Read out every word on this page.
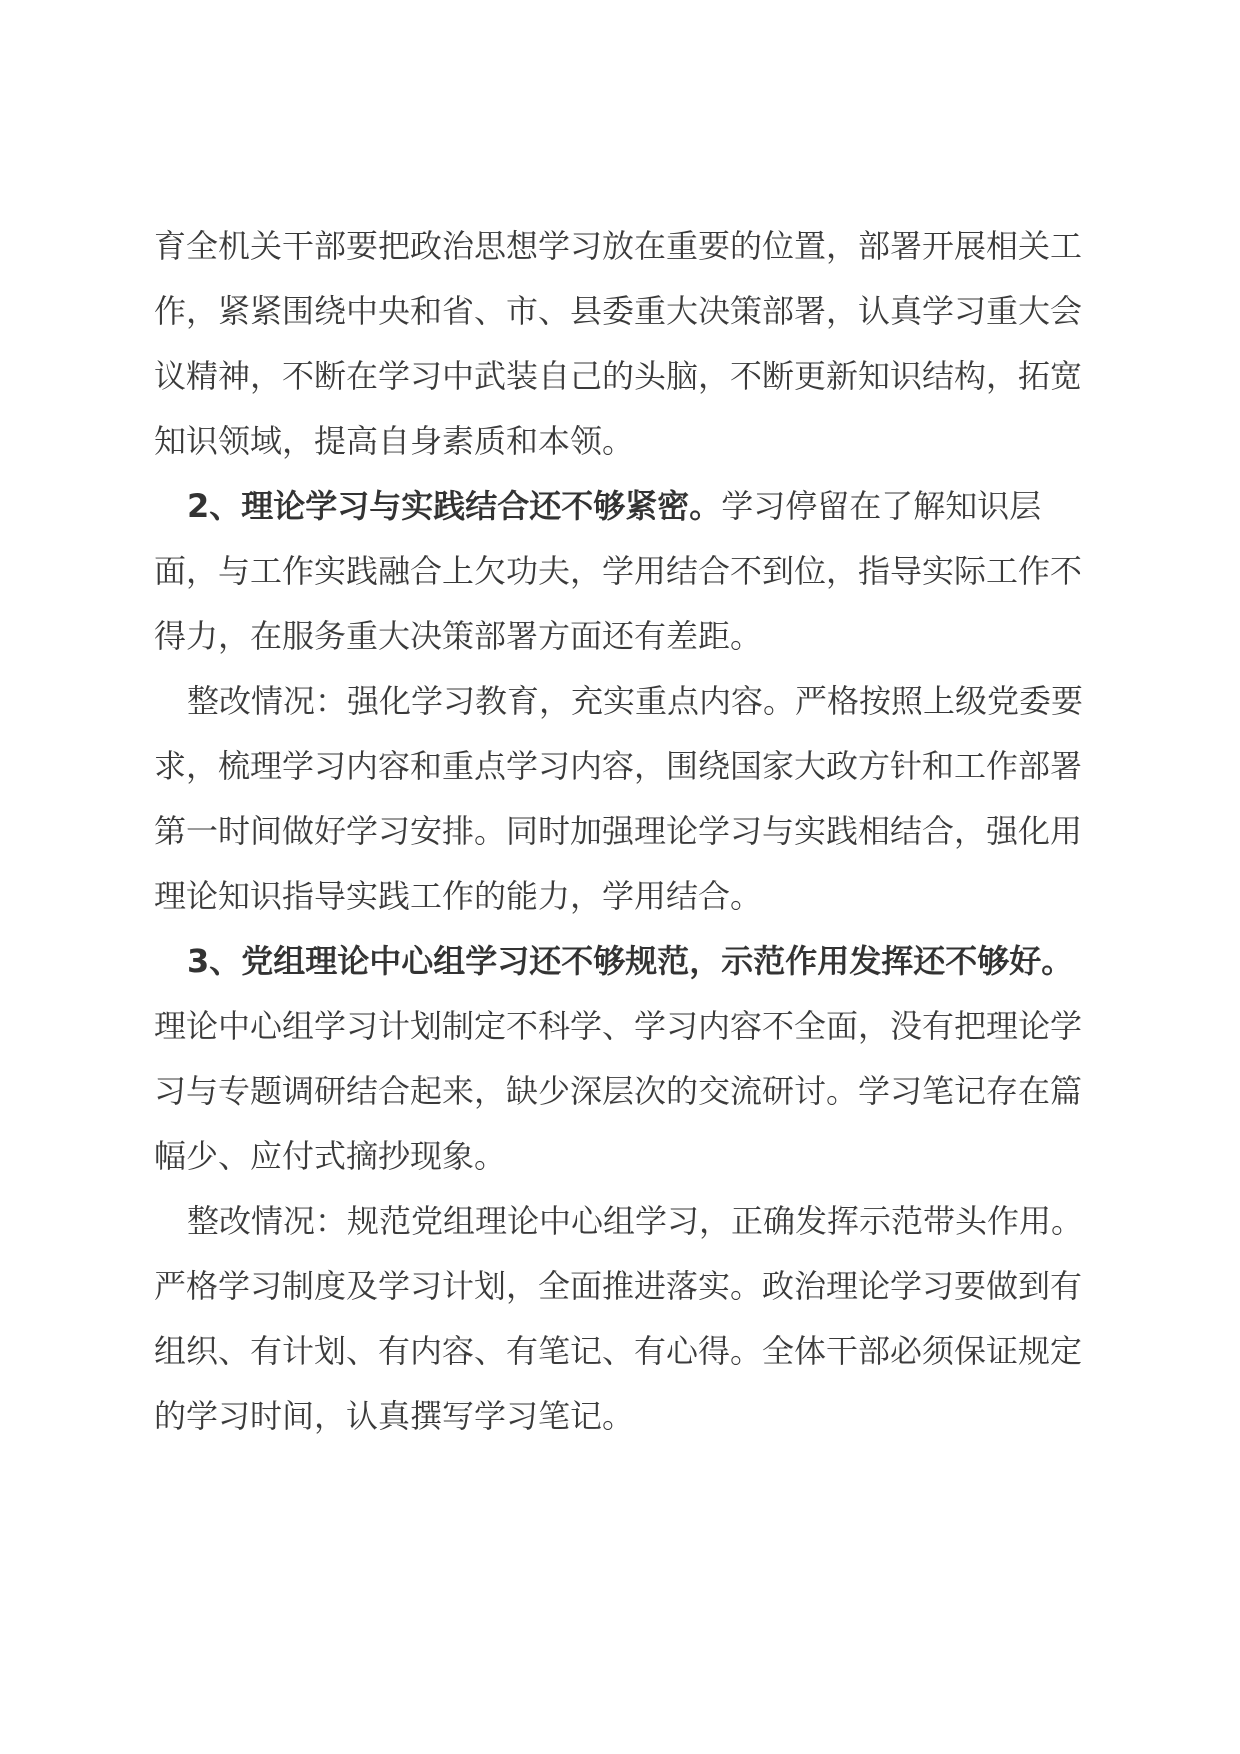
育全机关干部要把政治思想学习放在重要的位置，部署开展相关工作，紧紧围绕中央和省、市、县委重大决策部署，认真学习重大会议精神，不断在学习中武装自己的头脑，不断更新知识结构，拓宽知识领域，提高自身素质和本领。

2、理论学习与实践结合还不够紧密。学习停留在了解知识层面，与工作实践融合上欠功夫，学用结合不到位，指导实际工作不得力，在服务重大决策部署方面还有差距。

整改情况：强化学习教育，充实重点内容。严格按照上级党委要求，梳理学习内容和重点学习内容，围绕国家大政方针和工作部署第一时间做好学习安排。同时加强理论学习与实践相结合，强化用理论知识指导实践工作的能力，学用结合。

3、党组理论中心组学习还不够规范，示范作用发挥还不够好。
理论中心组学习计划制定不科学、学习内容不全面，没有把理论学习与专题调研结合起来，缺少深层次的交流研讨。学习笔记存在篇幅少、应付式摘抄现象。

整改情况：规范党组理论中心组学习，正确发挥示范带头作用。严格学习制度及学习计划，全面推进落实。政治理论学习要做到有组织、有计划、有内容、有笔记、有心得。全体干部必须保证规定的学习时间，认真撰写学习笔记。
